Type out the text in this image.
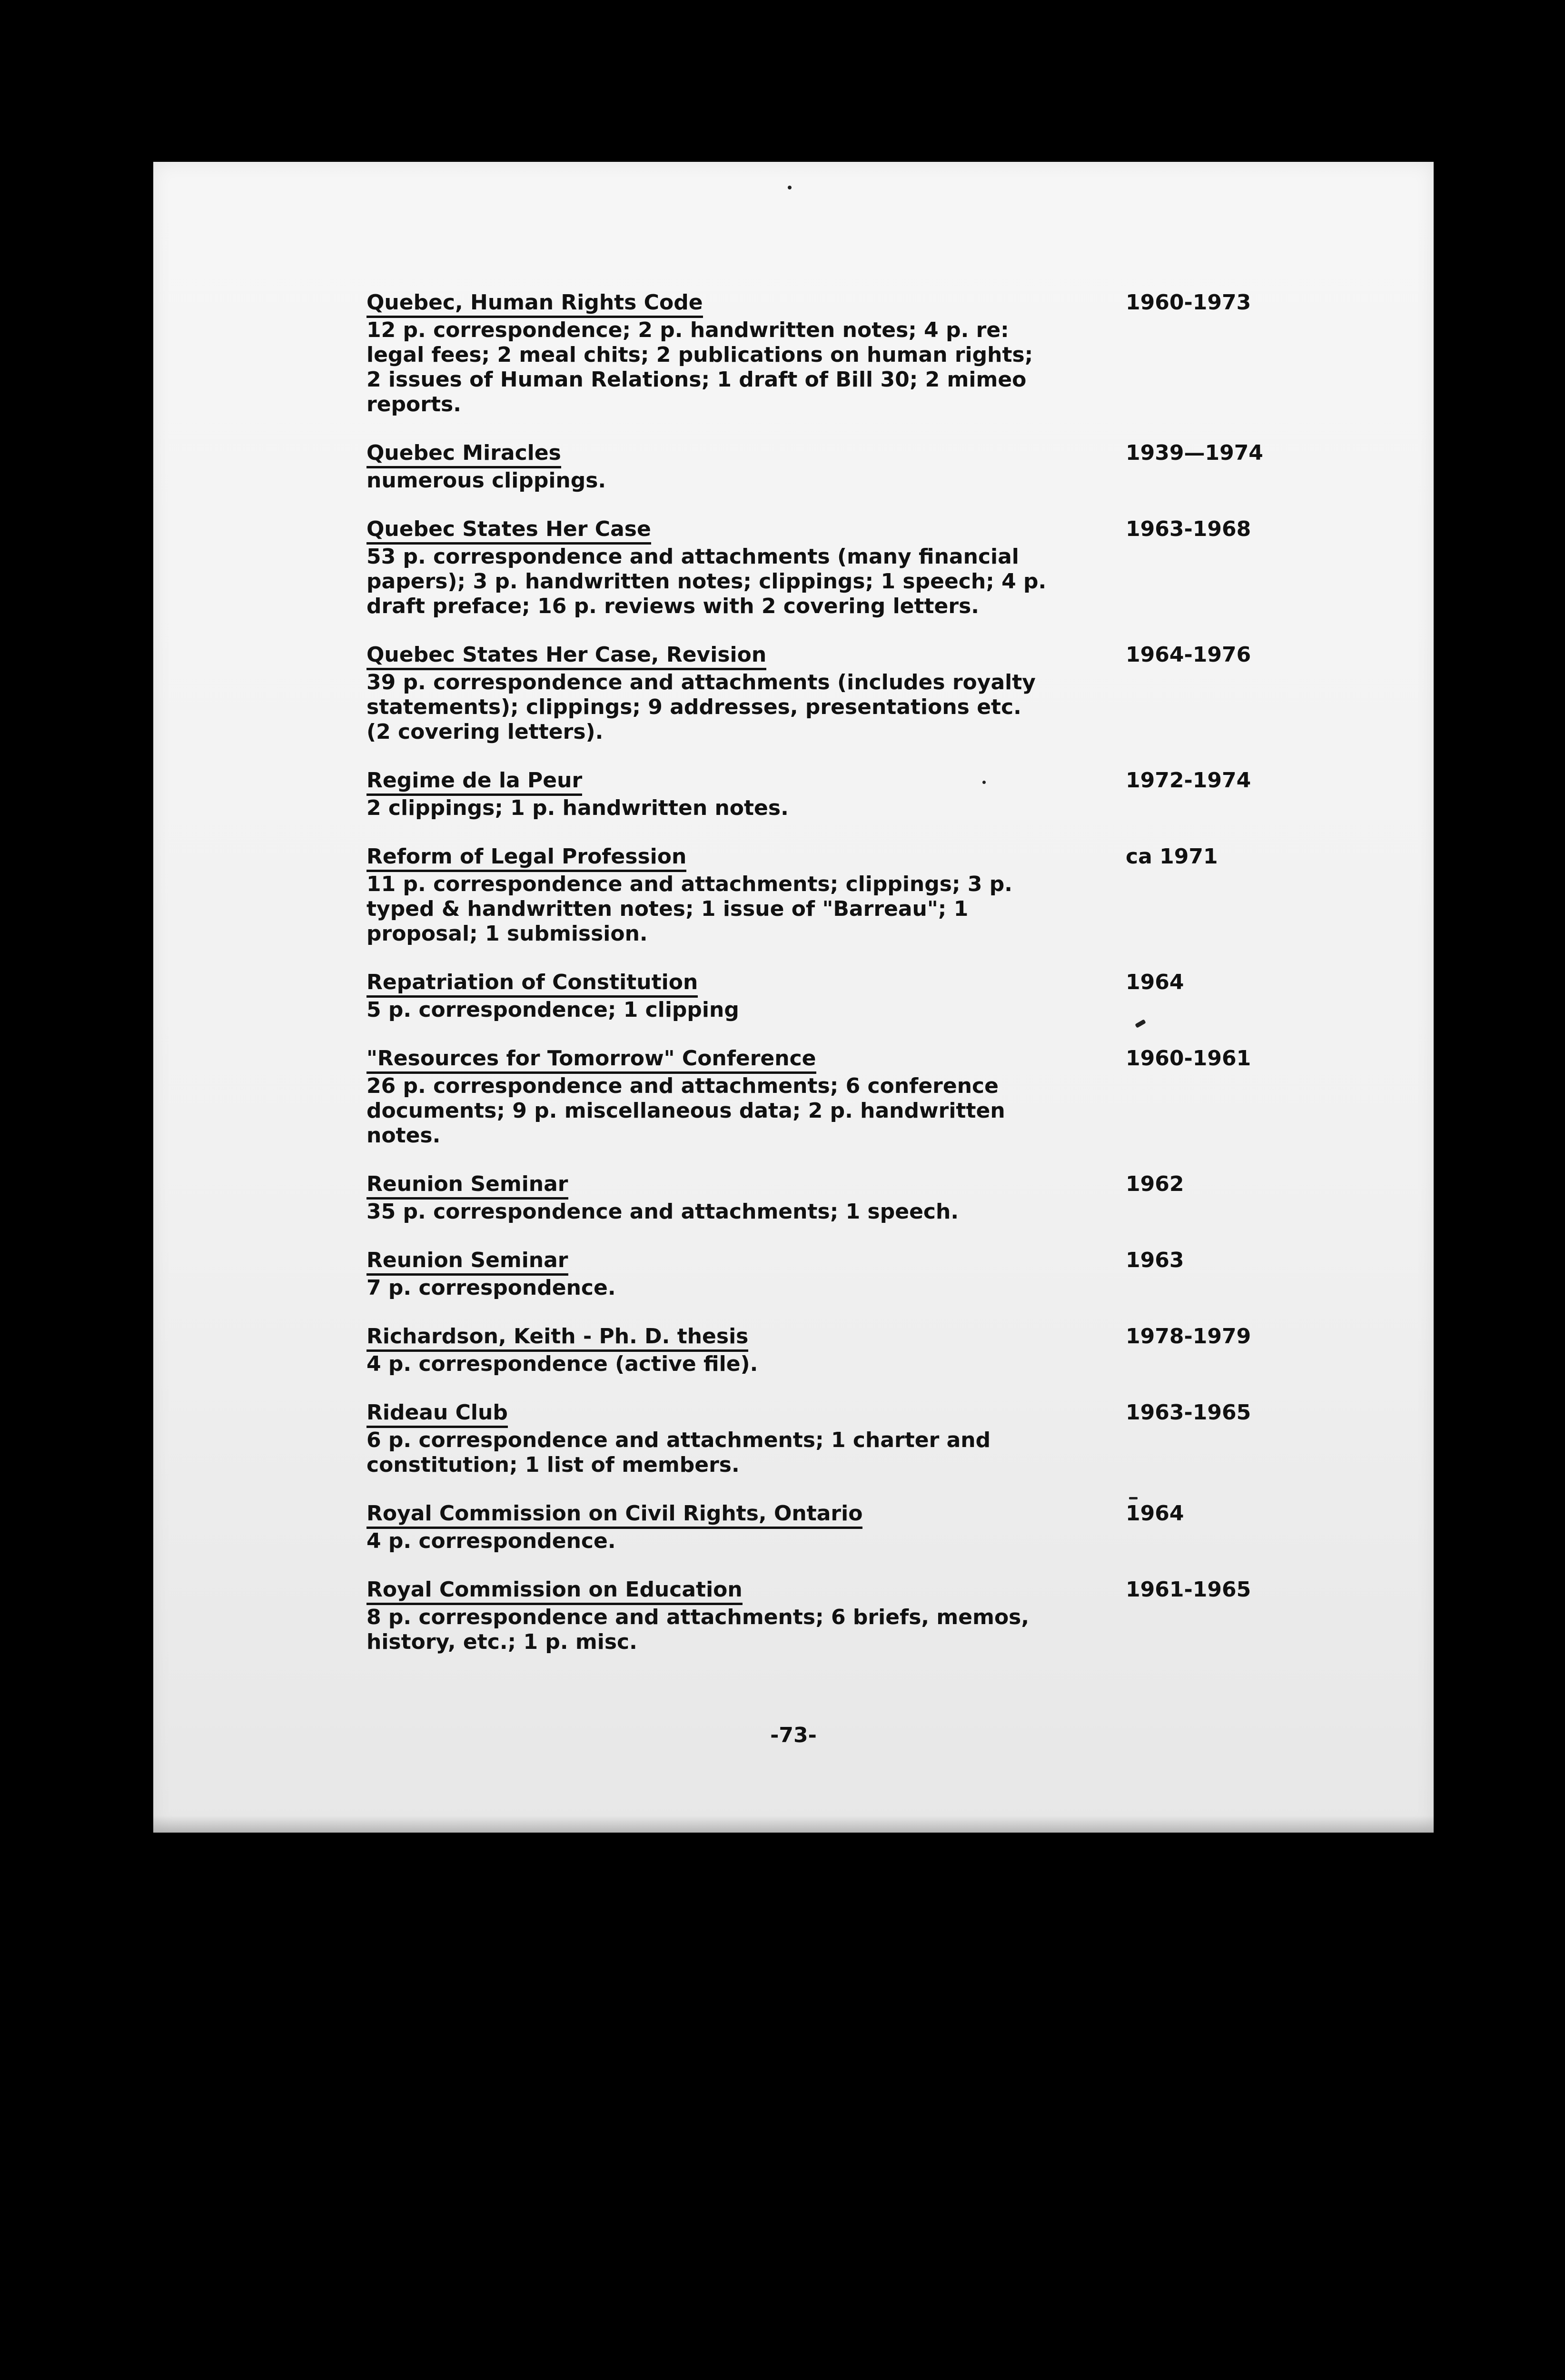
Quebec, Human Rights Code	1960-1973
12 p. correspondence; 2 p. handwritten notes; 4 p. re: legal fees; 2 meal chits; 2 publications on human rights; 2 issues of Human Relations; 1 draft of Bill 30; 2 mimeo reports.
Quebec Miracles	1939—1974
numerous clippings.
Quebec States Her Case	1963-1968
53 p. correspondence and attachments (many financial papers); 3 p. handwritten notes; clippings; 1 speech; 4 p. draft preface; 16 p. reviews with 2 covering letters.
Quebec States Her Case, Revision	1964-1976
39 p. correspondence and attachments (includes royalty statements); clippings; 9 addresses, presentations etc. (2 covering letters).
Regime de la Peur	1972-1974
2 clippings; 1 p. handwritten notes.
Reform of Legal Profession	ca 1971
11 p. correspondence and attachments; clippings; 3 p. typed & handwritten notes; 1 issue of "Barreau"; 1 proposal; 1 submission.
Repatriation of Constitution	1964
5 p. correspondence; 1 clipping
"Resources for Tomorrow" Conference	1960-1961
26 p. correspondence and attachments; 6 conference documents; 9 p. miscellaneous data; 2 p. handwritten notes.
Reunion Seminar	1962
35 p. correspondence and attachments; 1 speech.
Reunion Seminar	1963
7 p. correspondence.
Richardson, Keith - Ph. D. thesis	1978-1979
4 p. correspondence (active file).
Rideau Club	1963-1965
6 p. correspondence and attachments; 1 charter and constitution; 1 list of members.
Royal Commission on Civil Rights, Ontario	1964
4 p. correspondence.
Royal Commission on Education	1961-1965
8 p. correspondence and attachments; 6 briefs, memos, history, etc.; 1 p. misc.
-73-
